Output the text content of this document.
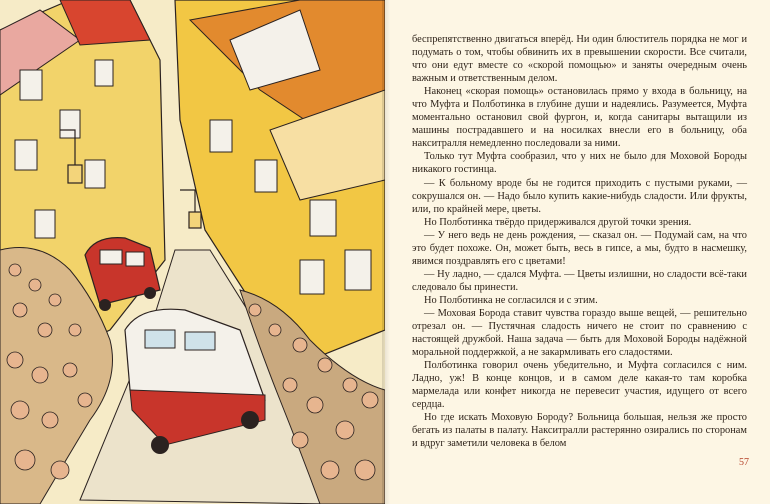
беспрепятственно двигаться вперёд. Ни один блюститель порядка не мог и подумать о том, чтобы обвинить их в превышении скорости. Все считали, что они едут вместе со «скорой помощью» и заняты очередным очень важным и ответственным делом.

Наконец «скорая помощь» остановилась прямо у входа в больницу, на что Муфта и Полботинка в глубине души и надеялись. Разумеется, Муфта моментально остановил свой фургон, и, когда санитары вытащили из машины пострадавшего и на носилках внесли его в больницу, оба накситралля немедленно последовали за ними.

Только тут Муфта сообразил, что у них не было для Моховой Бороды никакого гостинца.

— К больному вроде бы не годится приходить с пустыми руками, — сокрушался он. — Надо было купить какие-нибудь сладости. Или фрукты, или, по крайней мере, цветы.

Но Полботинка твёрдо придерживался другой точки зрения.

— У него ведь не день рождения, — сказал он. — Подумай сам, на что это будет похоже. Он, может быть, весь в гипсе, а мы, будто в насмешку, явимся поздравлять его с цветами!

— Ну ладно, — сдался Муфта. — Цветы излишни, но сладости всё-таки следовало бы принести.

Но Полботинка не согласился и с этим.

— Моховая Борода ставит чувства гораздо выше вещей, — решительно отрезал он. — Пустячная сладость ничего не стоит по сравнению с настоящей дружбой. Наша задача — быть для Моховой Бороды надёжной моральной поддержкой, а не закармливать его сладостями.

Полботинка говорил очень убедительно, и Муфта согласился с ним. Ладно, уж! В конце концов, и в самом деле какая-то там коробка мармелада или конфет никогда не перевесит участия, идущего от всего сердца.

Но где искать Моховую Бороду? Больница большая, нельзя же просто бегать из палаты в палату. Накситралли растерянно озирались по сторонам и вдруг заметили человека в белом

57
